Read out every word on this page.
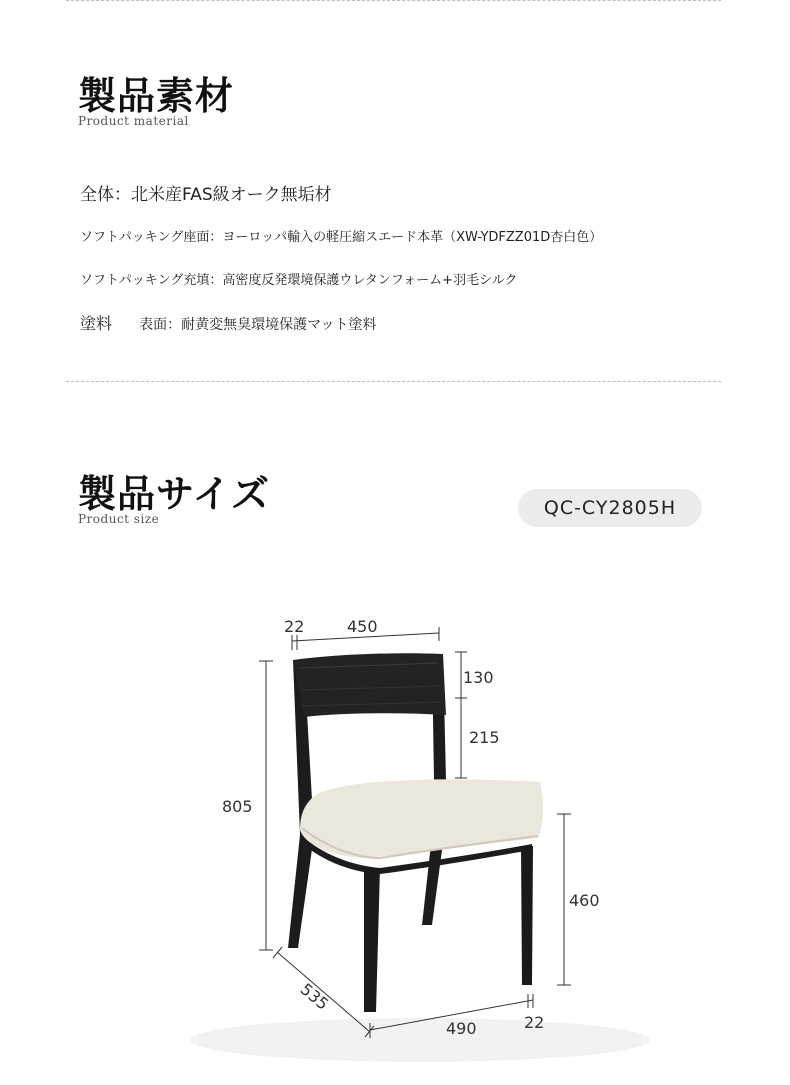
製品素材
Product material
全体：北米産FAS級オーク無垢材
ソフトパッキング座面：ヨーロッパ輸入の軽圧縮スエード本革（XW-YDFZZ01D杏白色）
ソフトパッキング充填：高密度反発環境保護ウレタンフォーム+羽毛シルク
塗料 表面：耐黄変無臭環境保護マット塗料
製品サイズ
Product size	QC-CY2805H
22	450
130
215
805
460
535
490	22
